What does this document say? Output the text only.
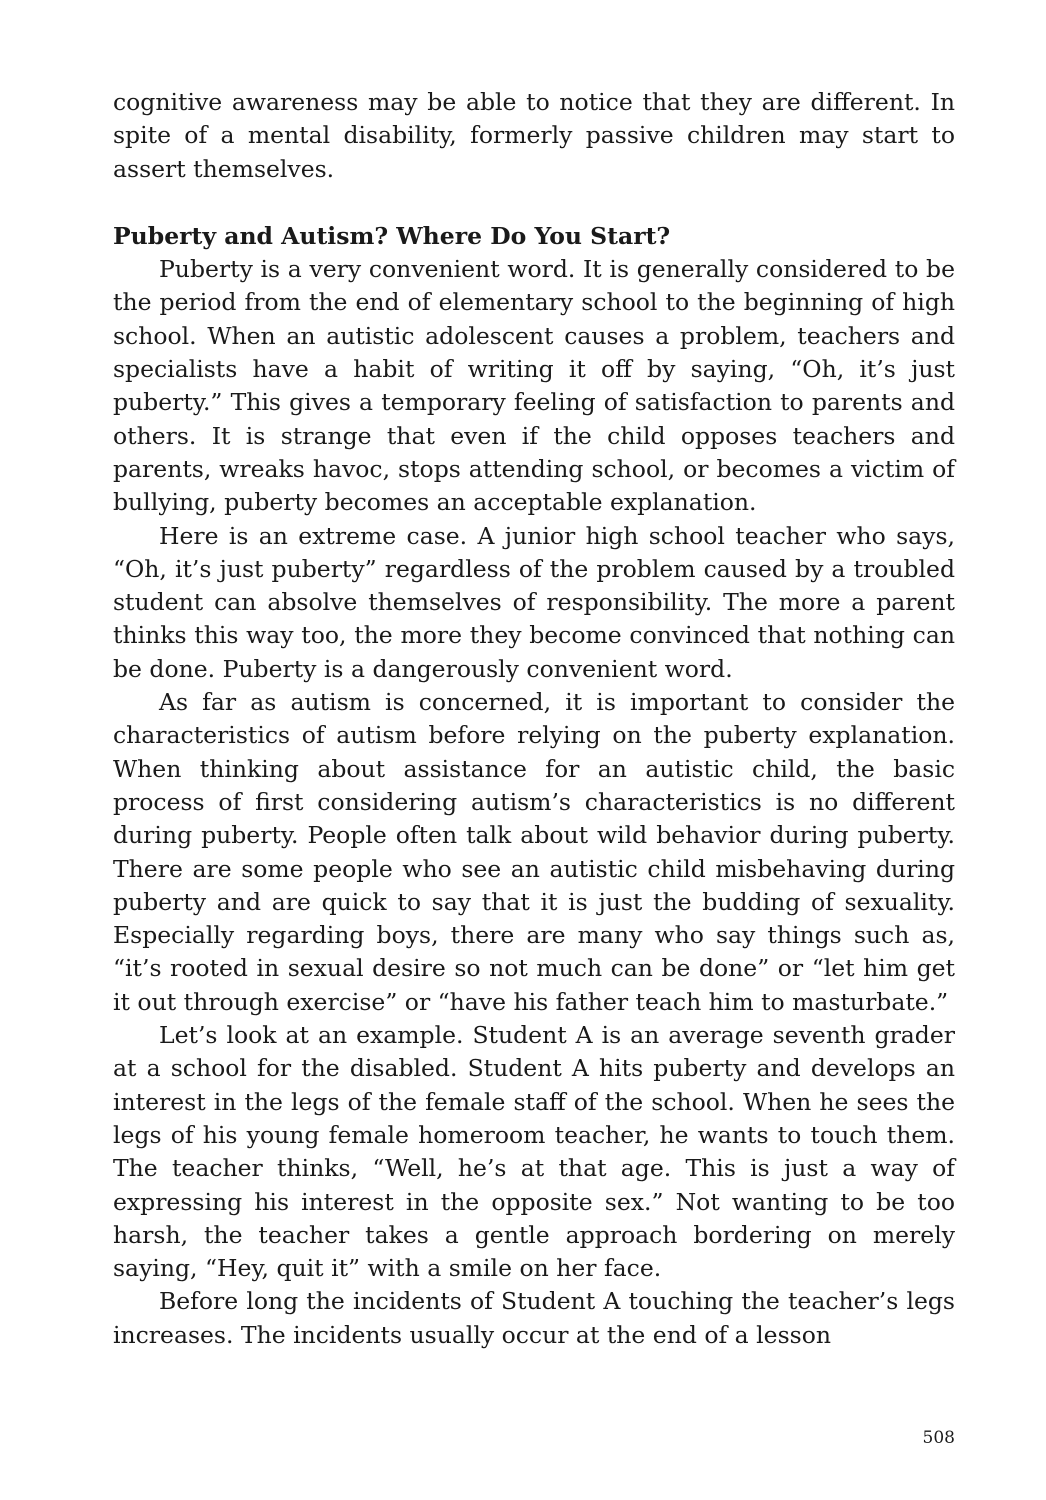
cognitive awareness may be able to notice that they are different. In spite of a mental disability, formerly passive children may start to assert themselves.

Puberty and Autism? Where Do You Start?

Puberty is a very convenient word. It is generally considered to be the period from the end of elementary school to the beginning of high school. When an autistic adolescent causes a problem, teachers and specialists have a habit of writing it off by saying, “Oh, it’s just puberty.” This gives a temporary feeling of satisfaction to parents and others. It is strange that even if the child opposes teachers and parents, wreaks havoc, stops attending school, or becomes a victim of bullying, puberty becomes an acceptable explanation.

Here is an extreme case. A junior high school teacher who says, “Oh, it’s just puberty” regardless of the problem caused by a troubled student can absolve themselves of responsibility. The more a parent thinks this way too, the more they become convinced that nothing can be done. Puberty is a dangerously convenient word.

As far as autism is concerned, it is important to consider the characteristics of autism before relying on the puberty explanation. When thinking about assistance for an autistic child, the basic process of first considering autism’s characteristics is no different during puberty. People often talk about wild behavior during puberty. There are some people who see an autistic child misbehaving during puberty and are quick to say that it is just the budding of sexuality. Especially regarding boys, there are many who say things such as, “it’s rooted in sexual desire so not much can be done” or “let him get it out through exercise” or “have his father teach him to masturbate.”

Let’s look at an example. Student A is an average seventh grader at a school for the disabled. Student A hits puberty and develops an interest in the legs of the female staff of the school. When he sees the legs of his young female homeroom teacher, he wants to touch them. The teacher thinks, “Well, he’s at that age. This is just a way of expressing his interest in the opposite sex.” Not wanting to be too harsh, the teacher takes a gentle approach bordering on merely saying, “Hey, quit it” with a smile on her face.

Before long the incidents of Student A touching the teacher’s legs increases. The incidents usually occur at the end of a lesson

508
